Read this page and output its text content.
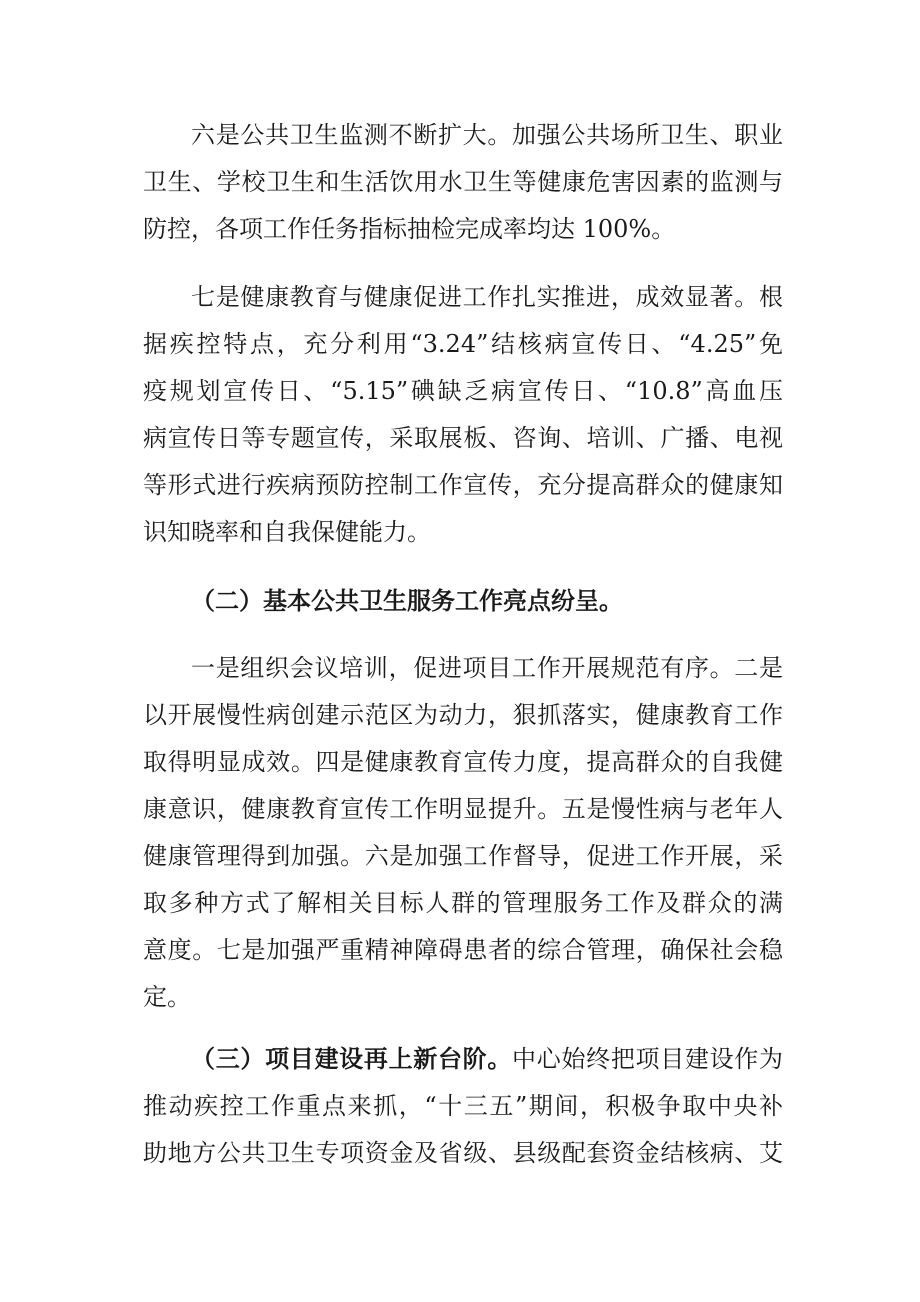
六是公共卫生监测不断扩大。加强公共场所卫生、职业
卫生、学校卫生和生活饮用水卫生等健康危害因素的监测与
防控，各项工作任务指标抽检完成率均达 100%。
七是健康教育与健康促进工作扎实推进，成效显著。根
据疾控特点，充分利用“3.24”结核病宣传日、“4.25”免
疫规划宣传日、“5.15”碘缺乏病宣传日、“10.8”高血压
病宣传日等专题宣传，采取展板、咨询、培训、广播、电视
等形式进行疾病预防控制工作宣传，充分提高群众的健康知
识知晓率和自我保健能力。
（二）基本公共卫生服务工作亮点纷呈。
一是组织会议培训，促进项目工作开展规范有序。二是
以开展慢性病创建示范区为动力，狠抓落实，健康教育工作
取得明显成效。四是健康教育宣传力度，提高群众的自我健
康意识，健康教育宣传工作明显提升。五是慢性病与老年人
健康管理得到加强。六是加强工作督导，促进工作开展，采
取多种方式了解相关目标人群的管理服务工作及群众的满
意度。七是加强严重精神障碍患者的综合管理，确保社会稳
定。
（三）项目建设再上新台阶。中心始终把项目建设作为
推动疾控工作重点来抓，“十三五”期间，积极争取中央补
助地方公共卫生专项资金及省级、县级配套资金结核病、艾
